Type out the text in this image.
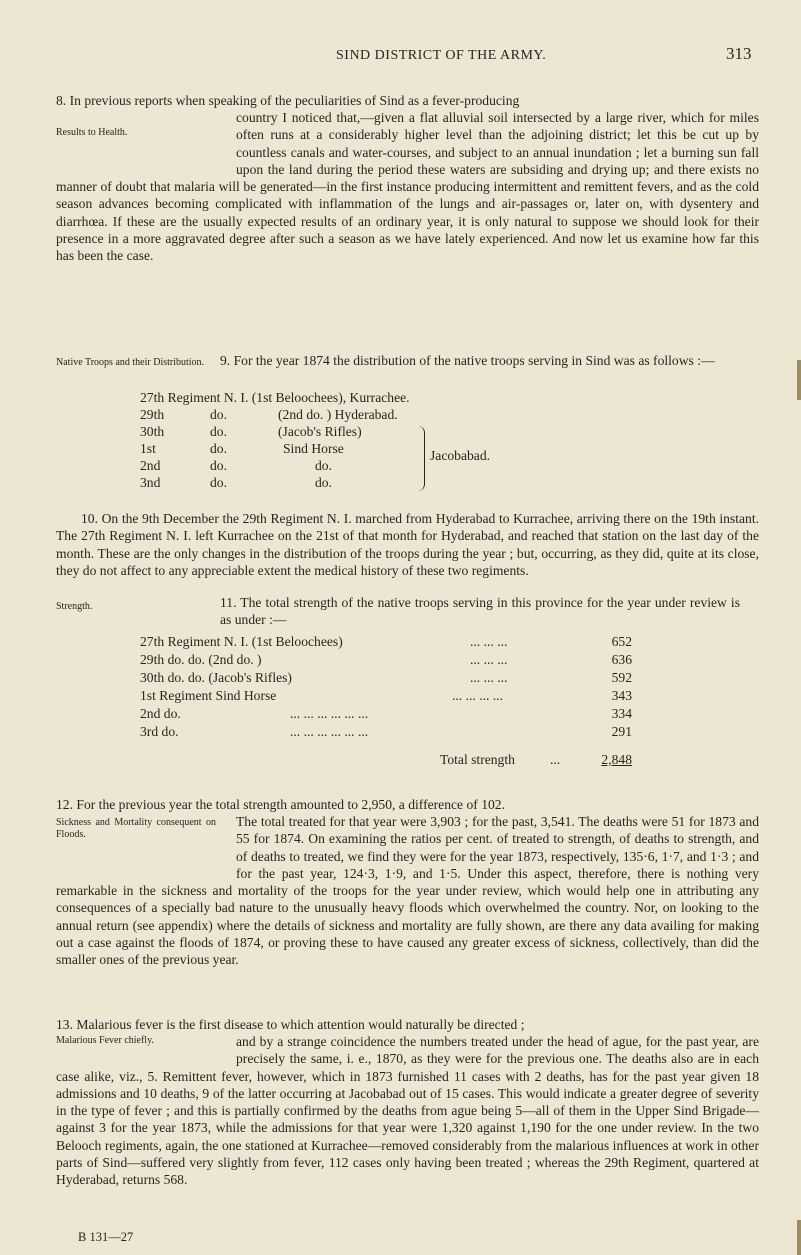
SIND DISTRICT OF THE ARMY.	313
8. In previous reports when speaking of the peculiarities of Sind as a fever-producing
Results to Health.
country I noticed that,—given a flat alluvial soil intersected by a large river, which for miles often runs at a considerably higher level than the adjoining district; let this be cut up by countless canals and water-courses, and subject to an annual inundation ; let a burning sun fall upon the land during the period these waters are subsiding and drying up; and there exists no manner of doubt that malaria will be generated—in the first instance producing intermittent and remittent fevers, and as the cold season advances becoming complicated with inflammation of the lungs and air-passages or, later on, with dysentery and diarrhœa. If these are the usually expected results of an ordinary year, it is only natural to suppose we should look for their presence in a more aggravated degree after such a season as we have lately experienced. And now let us examine how far this has been the case.
Native Troops and their Distribution.	9. For the year 1874 the distribution of the native troops serving in Sind was as follows :—
27th Regiment N. I. (1st Beloochees), Kurrachee.
29th	do.	(2nd do. ) Hyderabad.
30th	do.	(Jacob's Rifles)
1st	do.	Sind Horse
2nd	do.	do.
3nd	do.	do.
Jacobabad.

10. On the 9th December the 29th Regiment N. I. marched from Hyderabad to Kurrachee, arriving there on the 19th instant. The 27th Regiment N. I. left Kurrachee on the 21st of that month for Hyderabad, and reached that station on the last day of the month. These are the only changes in the distribution of the troops during the year ; but, occurring, as they did, quite at its close, they do not affect to any appreciable extent the medical history of these two regiments.

Strength.	11. The total strength of the native troops serving in this province for the year under review is as under :—
27th Regiment N. I. (1st Beloochees)	... ... ...	652
29th do. do. (2nd do. )	... ... ...	636
30th do. do. (Jacob's Rifles)	... ... ...	592
1st Regiment Sind Horse	... ... ... ...	343
2nd do.	... ... ... ... ... ...	334
3rd do.	... ... ... ... ... ...	291
Total strength	...	2,848
12. For the previous year the total strength amounted to 2,950, a difference of 102.
Sickness and Mortality consequent on Floods.
The total treated for that year were 3,903 ; for the past, 3,541. The deaths were 51 for 1873 and 55 for 1874. On examining the ratios per cent. of treated to strength, of deaths to strength, and of deaths to treated, we find they were for the year 1873, respectively, 135·6, 1·7, and 1·3 ; and for the past year, 124·3, 1·9, and 1·5. Under this aspect, therefore, there is nothing very remarkable in the sickness and mortality of the troops for the year under review, which would help one in attributing any consequences of a specially bad nature to the unusually heavy floods which overwhelmed the country. Nor, on looking to the annual return (see appendix) where the details of sickness and mortality are fully shown, are there any data availing for making out a case against the floods of 1874, or proving these to have caused any greater excess of sickness, collectively, than did the smaller ones of the previous year.
13. Malarious fever is the first disease to which attention would naturally be directed ;
Malarious Fever chiefly.	and by a strange coincidence the numbers treated under the head of ague, for the past year, are precisely the same, i. e., 1870, as they were for the previous one. The deaths also are in each case alike, viz., 5. Remittent fever, however, which in 1873 furnished 11 cases with 2 deaths, has for the past year given 18 admissions and 10 deaths, 9 of the latter occurring at Jacobabad out of 15 cases. This would indicate a greater degree of severity in the type of fever ; and this is partially confirmed by the deaths from ague being 5—all of them in the Upper Sind Brigade—against 3 for the year 1873, while the admissions for that year were 1,320 against 1,190 for the one under review. In the two Belooch regiments, again, the one stationed at Kurrachee—removed considerably from the malarious influences at work in other parts of Sind—suffered very slightly from fever, 112 cases only having been treated ; whereas the 29th Regiment, quartered at Hyderabad, returns 568.
B 131—27
